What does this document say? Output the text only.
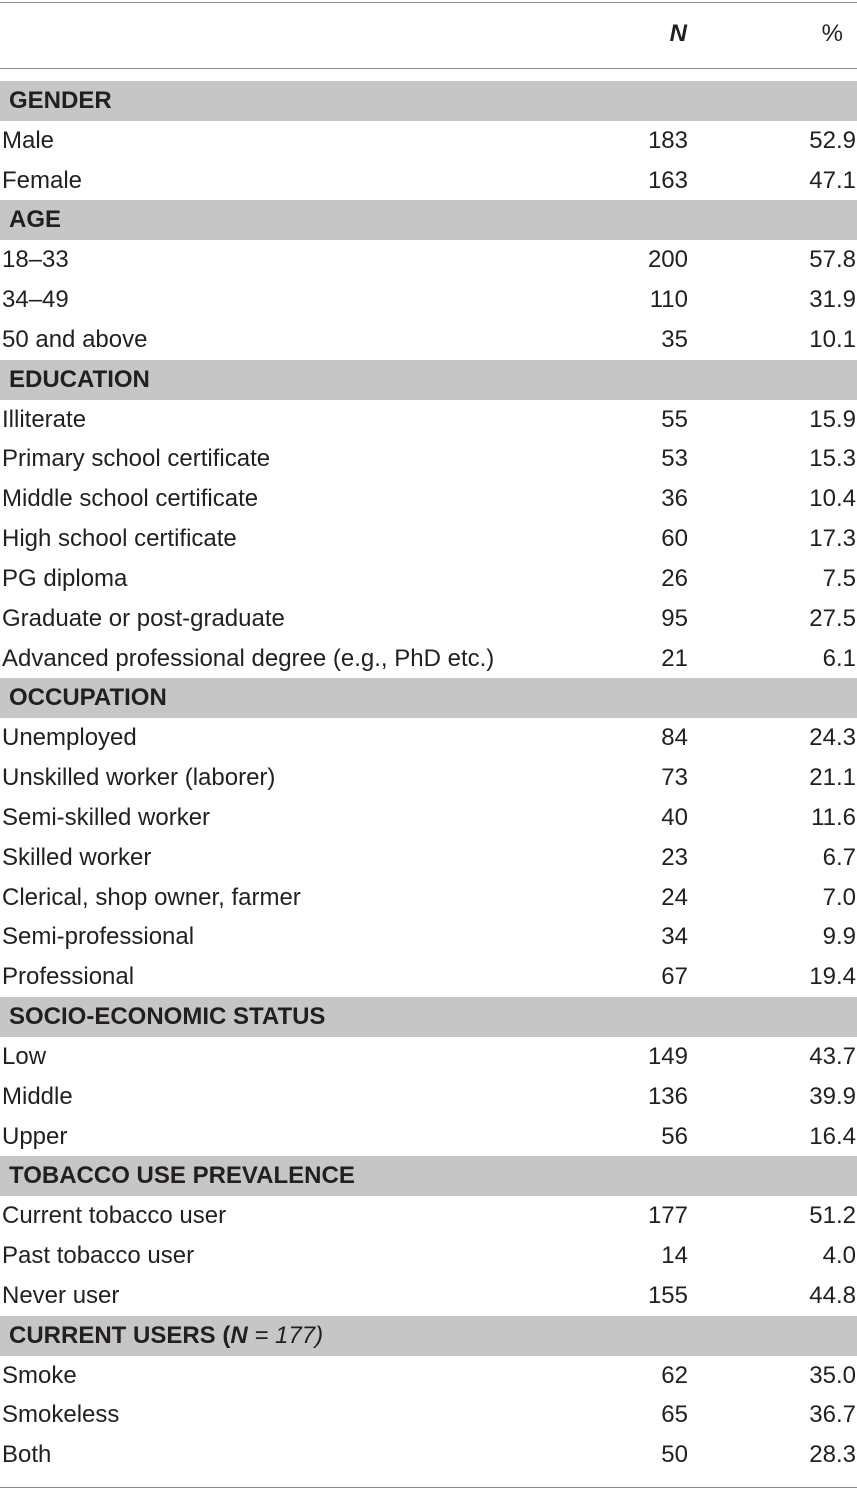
N	%
GENDER
Male	183	52.9
Female	163	47.1
AGE
18–33	200	57.8
34–49	110	31.9
50 and above	35	10.1
EDUCATION
Illiterate	55	15.9
Primary school certificate	53	15.3
Middle school certificate	36	10.4
High school certificate	60	17.3
PG diploma	26	7.5
Graduate or post-graduate	95	27.5
Advanced professional degree (e.g., PhD etc.)	21	6.1
OCCUPATION
Unemployed	84	24.3
Unskilled worker (laborer)	73	21.1
Semi-skilled worker	40	11.6
Skilled worker	23	6.7
Clerical, shop owner, farmer	24	7.0
Semi-professional	34	9.9
Professional	67	19.4
SOCIO-ECONOMIC STATUS
Low	149	43.7
Middle	136	39.9
Upper	56	16.4
TOBACCO USE PREVALENCE
Current tobacco user	177	51.2
Past tobacco user	14	4.0
Never user	155	44.8
CURRENT USERS (N = 177)
Smoke	62	35.0
Smokeless	65	36.7
Both	50	28.3
